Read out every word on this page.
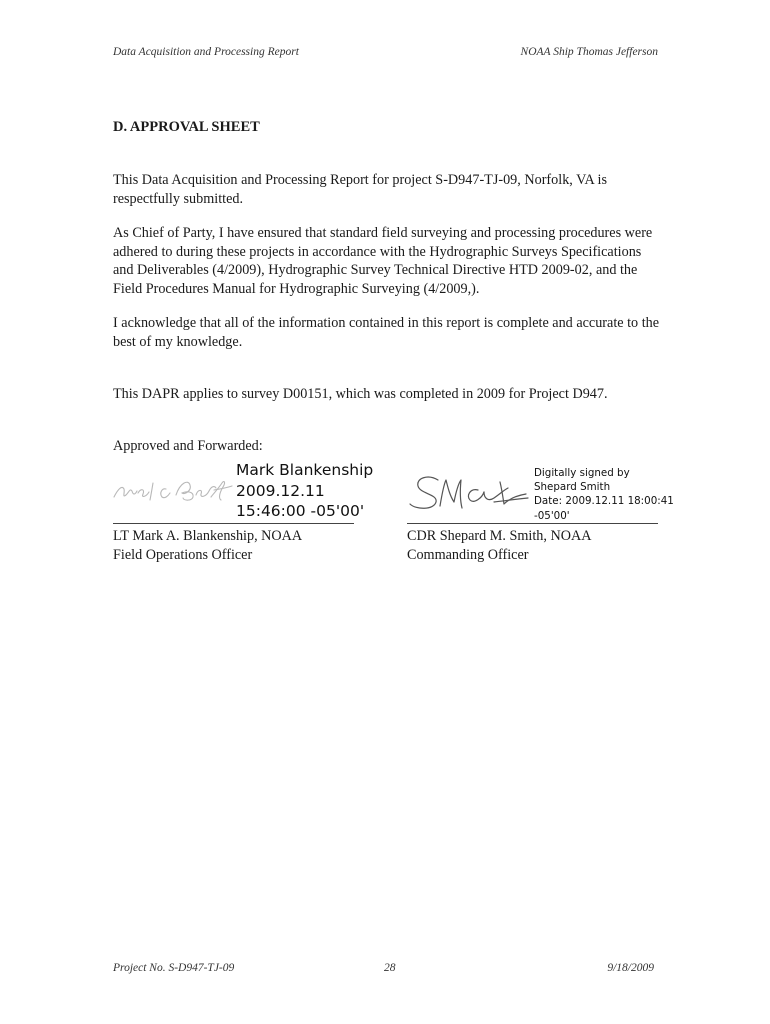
Data Acquisition and Processing Report	NOAA Ship Thomas Jefferson
D. APPROVAL SHEET

This Data Acquisition and Processing Report for project S-D947-TJ-09, Norfolk, VA is respectfully submitted.

As Chief of Party, I have ensured that standard field surveying and processing procedures were adhered to during these projects in accordance with the Hydrographic Surveys Specifications and Deliverables (4/2009), Hydrographic Survey Technical Directive HTD 2009-02, and the Field Procedures Manual for Hydrographic Surveying (4/2009,).

I acknowledge that all of the information contained in this report is complete and accurate to the best of my knowledge.

This DAPR applies to survey D00151, which was completed in 2009 for Project D947.

Approved and Forwarded:

Mark Blankenship
2009.12.11
15:46:00 -05'00'
LT Mark A. Blankenship, NOAA
Field Operations Officer
Digitally signed by
Shepard Smith
Date: 2009.12.11 18:00:41
-05'00'
CDR Shepard M. Smith, NOAA
Commanding Officer
Project No. S-D947-TJ-09	28	9/18/2009
